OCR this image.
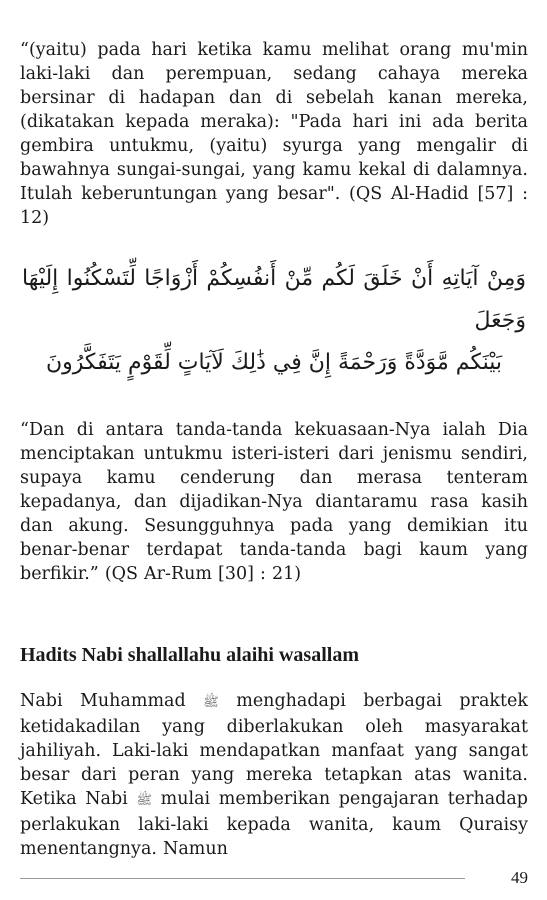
“(yaitu) pada hari ketika kamu melihat orang mu'min laki-laki dan perempuan, sedang cahaya mereka bersinar di hadapan dan di sebelah kanan mereka, (dikatakan kepada meraka): "Pada hari ini ada berita gembira untukmu, (yaitu) syurga yang mengalir di bawahnya sungai-sungai, yang kamu kekal di dalamnya. Itulah keberuntungan yang besar". (QS Al-Hadid [57] : 12)

وَمِنْ آيَاتِهِ أَنْ خَلَقَ لَكُم مِّنْ أَنفُسِكُمْ أَزْوَاجًا لِّتَسْكُنُوا إِلَيْهَا وَجَعَلَ
بَيْنَكُم مَّوَدَّةً وَرَحْمَةً إِنَّ فِي ذَٰلِكَ لَآيَاتٍ لِّقَوْمٍ يَتَفَكَّرُونَ

“Dan di antara tanda-tanda kekuasaan-Nya ialah Dia menciptakan untukmu isteri-isteri dari jenismu sendiri, supaya kamu cenderung dan merasa tenteram kepadanya, dan dijadikan-Nya diantaramu rasa kasih dan akung. Sesungguhnya pada yang demikian itu benar-benar terdapat tanda-tanda bagi kaum yang berfikir.” (QS Ar-Rum [30] : 21)

Hadits Nabi shallallahu alaihi wasallam

Nabi Muhammad ﷺ menghadapi berbagai praktek ketidakadilan yang diberlakukan oleh masyarakat jahiliyah. Laki-laki mendapatkan manfaat yang sangat besar dari peran yang mereka tetapkan atas wanita. Ketika Nabi ﷺ mulai memberikan pengajaran terhadap perlakukan laki-laki kepada wanita, kaum Quraisy menentangnya. Namun

49
